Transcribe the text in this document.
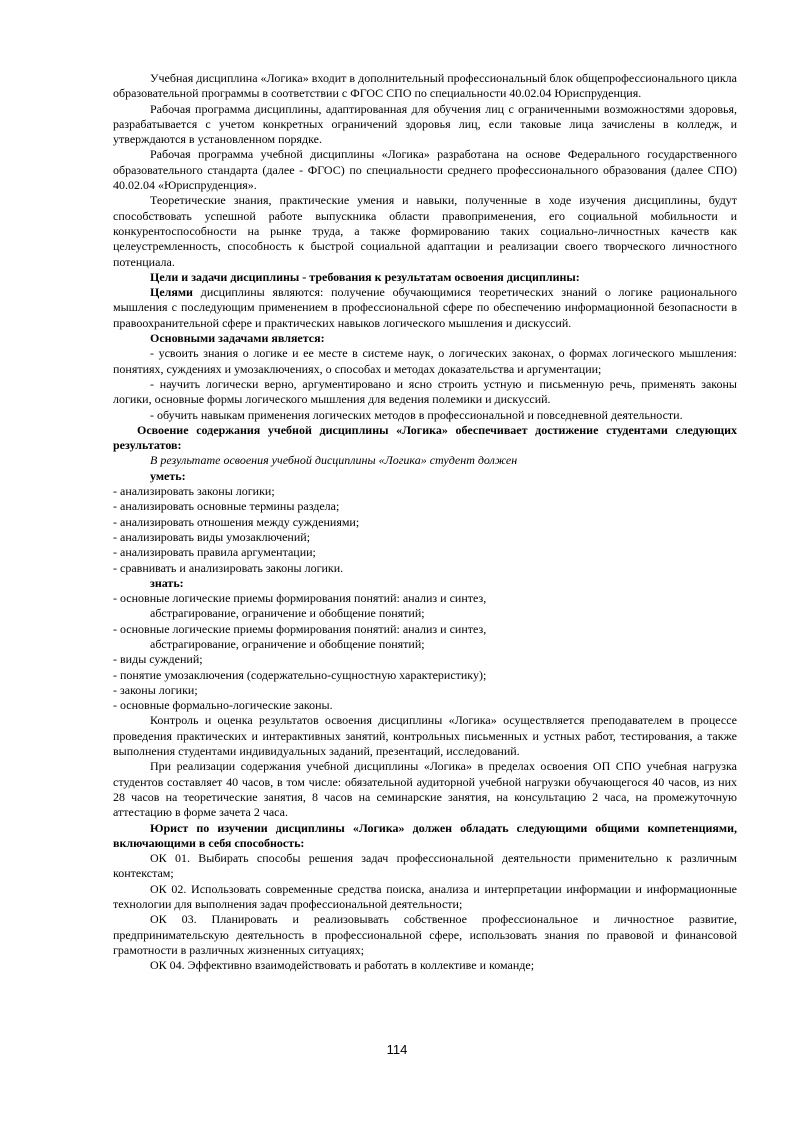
Учебная дисциплина «Логика» входит в дополнительный профессиональный блок общепрофессионального цикла образовательной программы в соответствии с ФГОС СПО по специальности 40.02.04 Юриспруденция.

Рабочая программа дисциплины, адаптированная для обучения лиц с ограниченными возможностями здоровья, разрабатывается с учетом конкретных ограничений здоровья лиц, если таковые лица зачислены в колледж, и утверждаются в установленном порядке.

Рабочая программа учебной дисциплины «Логика» разработана на основе Федерального государственного образовательного стандарта (далее - ФГОС) по специальности среднего профессионального образования (далее СПО) 40.02.04 «Юриспруденция».

Теоретические знания, практические умения и навыки, полученные в ходе изучения дисциплины, будут способствовать успешной работе выпускника области правоприменения, его социальной мобильности и конкурентоспособности на рынке труда, а также формированию таких социально-личностных качеств как целеустремленность, способность к быстрой социальной адаптации и реализации своего творческого личностного потенциала.

Цели и задачи дисциплины - требования к результатам освоения дисциплины:

Целями дисциплины являются: получение обучающимися теоретических знаний о логике рационального мышления с последующим применением в профессиональной сфере по обеспечению информационной безопасности в правоохранительной сфере и практических навыков логического мышления и дискуссий.

Основными задачами является:

- усвоить знания о логике и ее месте в системе наук, о логических законах, о формах логического мышления: понятиях, суждениях и умозаключениях, о способах и методах доказательства и аргументации;

- научить логически верно, аргументировано и ясно строить устную и письменную речь, применять законы логики, основные формы логического мышления для ведения полемики и дискуссий.

- обучить навыкам применения логических методов в профессиональной и повседневной деятельности.

Освоение содержания учебной дисциплины «Логика» обеспечивает достижение студентами следующих результатов:

В результате освоения учебной дисциплины «Логика» студент должен

уметь:

- анализировать законы логики;

- анализировать основные термины раздела;

- анализировать отношения между суждениями;

- анализировать виды умозаключений;

- анализировать правила аргументации;

- сравнивать и анализировать законы логики.

знать:

- основные логические приемы формирования понятий: анализ и синтез,

абстрагирование, ограничение и обобщение понятий;

- основные логические приемы формирования понятий: анализ и синтез,

абстрагирование, ограничение и обобщение понятий;

- виды суждений;

- понятие умозаключения (содержательно-сущностную характеристику);

- законы логики;

- основные формально-логические законы.

Контроль и оценка результатов освоения дисциплины «Логика» осуществляется преподавателем в процессе проведения практических и интерактивных занятий, контрольных письменных и устных работ, тестирования, а также выполнения студентами индивидуальных заданий, презентаций, исследований.

При реализации содержания учебной дисциплины «Логика» в пределах освоения ОП СПО учебная нагрузка студентов составляет 40 часов, в том числе: обязательной аудиторной учебной нагрузки обучающегося 40 часов, из них 28 часов на теоретические занятия, 8 часов на семинарские занятия, на консультацию 2 часа, на промежуточную аттестацию в форме зачета 2 часа.

Юрист по изучении дисциплины «Логика» должен обладать следующими общими компетенциями, включающими в себя способность:

ОК 01. Выбирать способы решения задач профессиональной деятельности применительно к различным контекстам;

ОК 02. Использовать современные средства поиска, анализа и интерпретации информации и информационные технологии для выполнения задач профессиональной деятельности;

ОК 03. Планировать и реализовывать собственное профессиональное и личностное развитие, предпринимательскую деятельность в профессиональной сфере, использовать знания по правовой и финансовой грамотности в различных жизненных ситуациях;

ОК 04. Эффективно взаимодействовать и работать в коллективе и команде;

114
